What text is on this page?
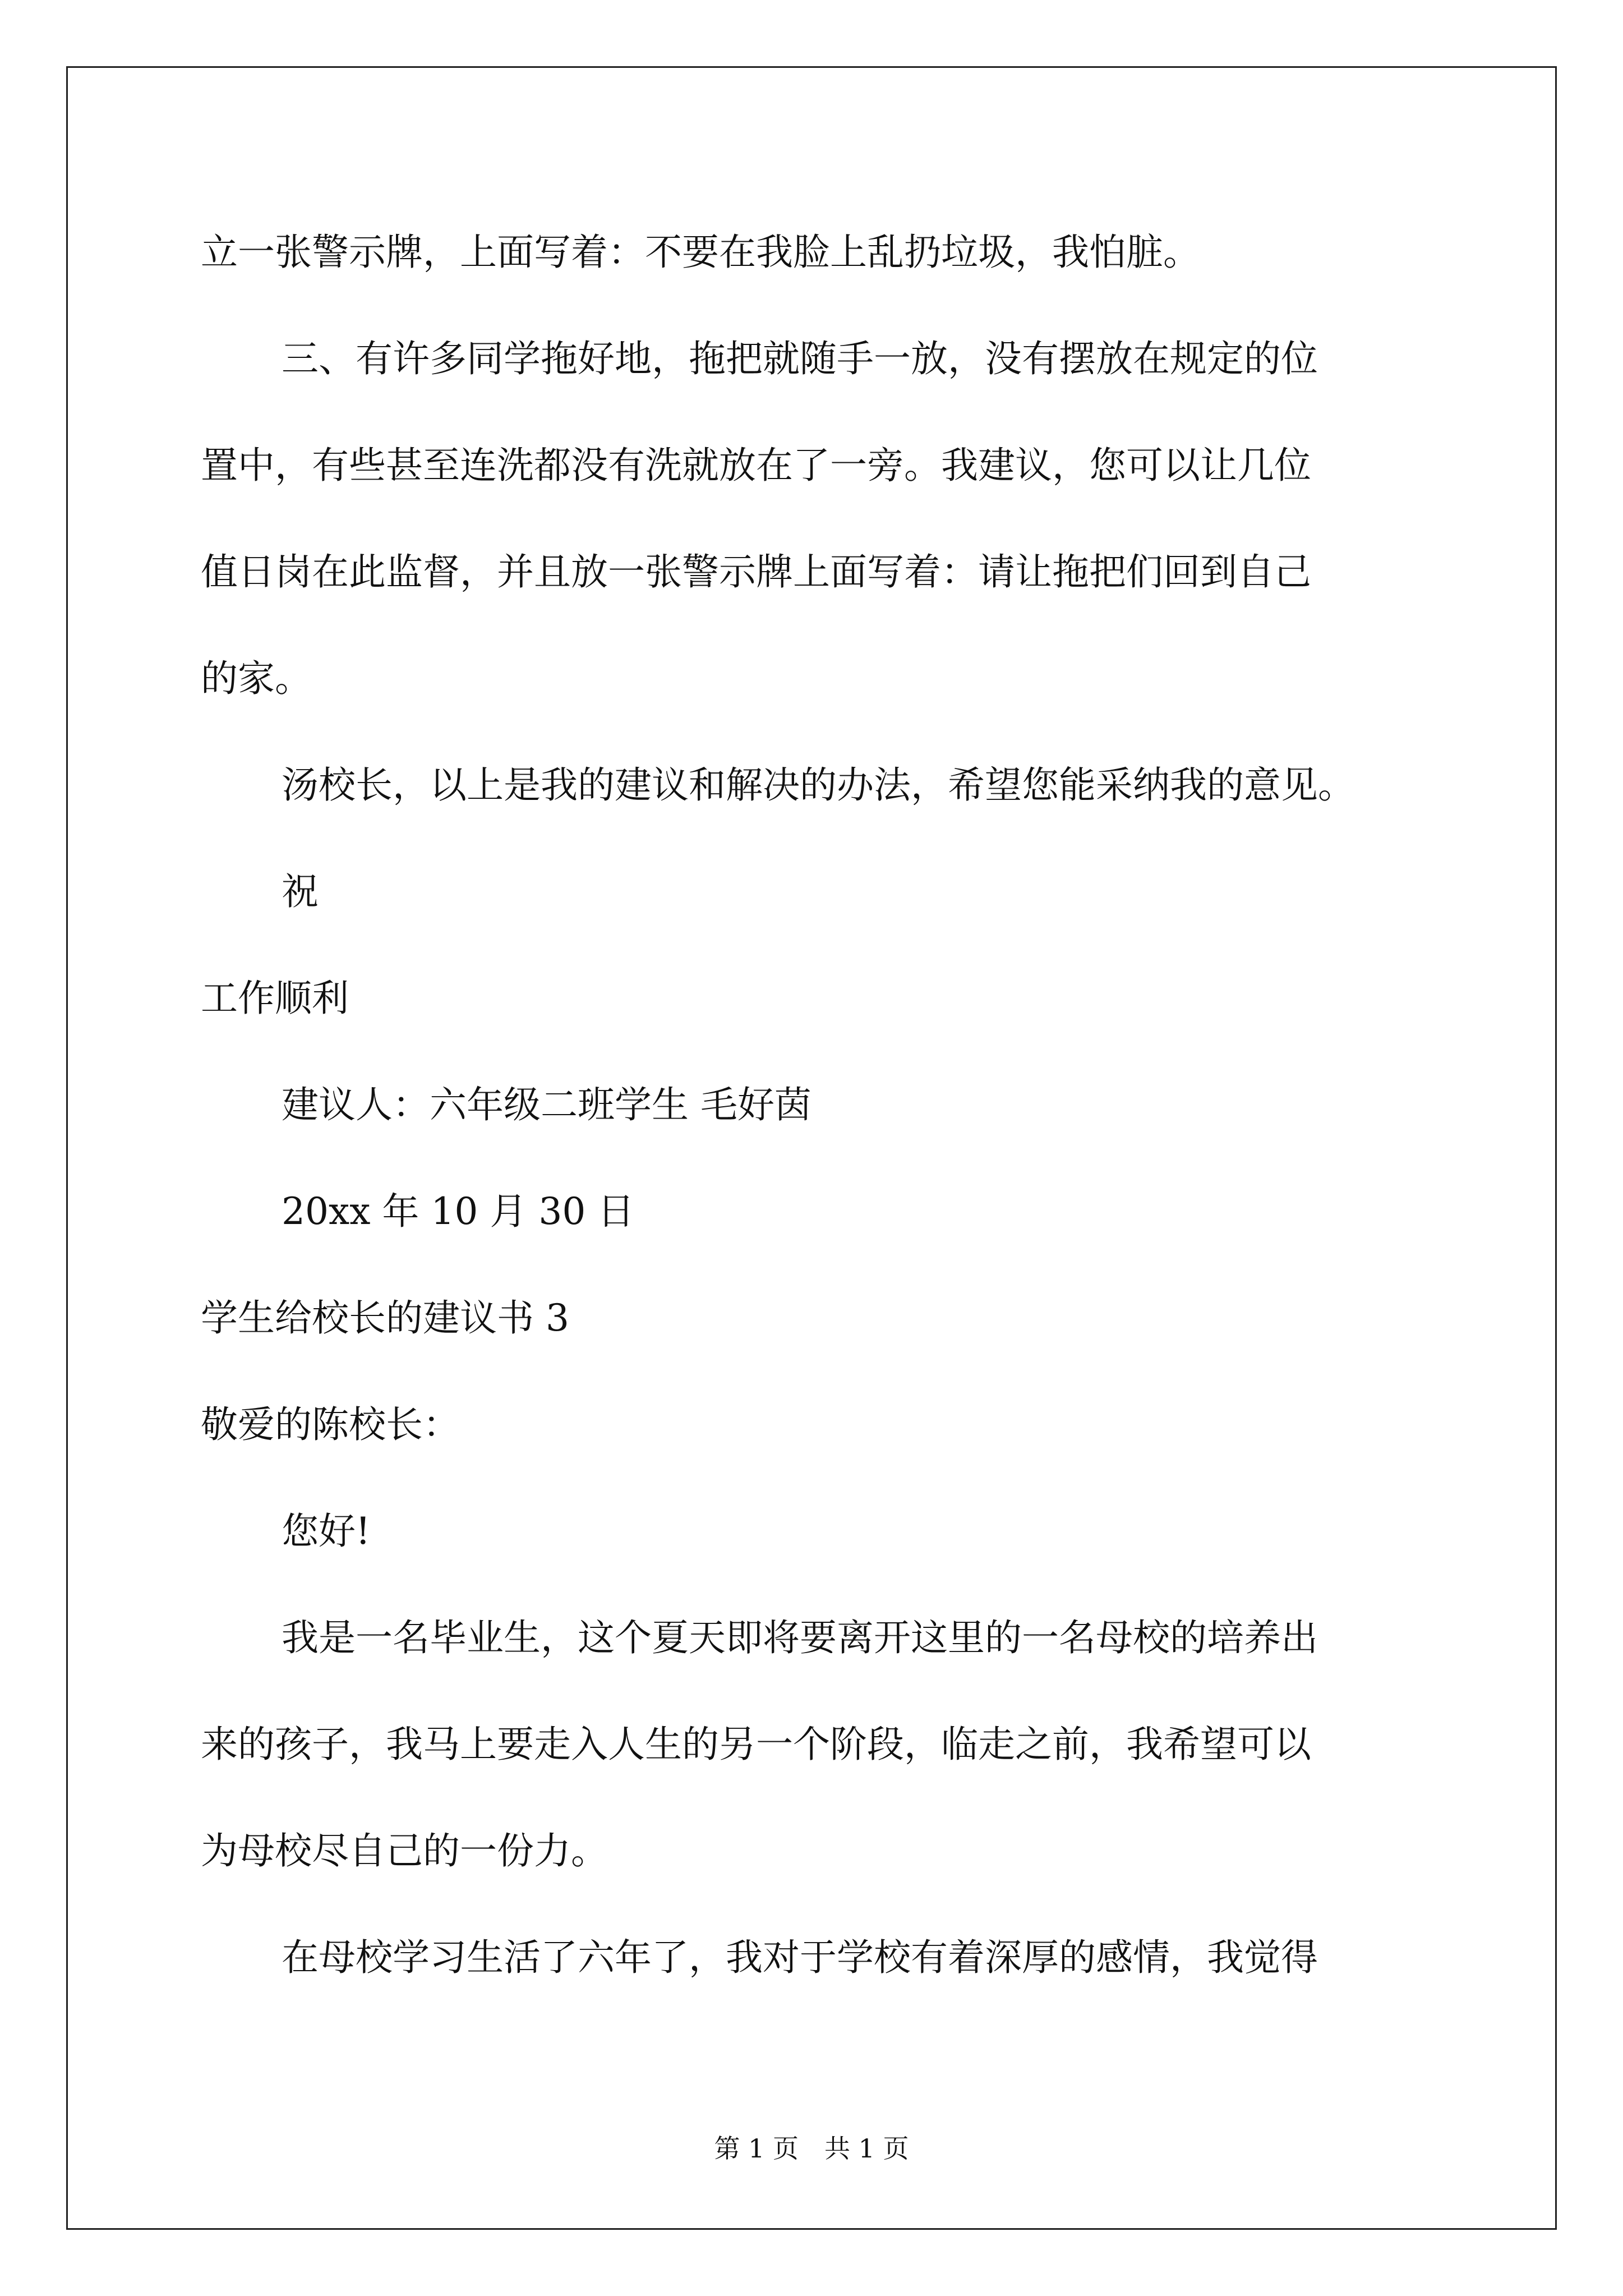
立一张警示牌，上面写着：不要在我脸上乱扔垃圾，我怕脏。
三、有许多同学拖好地，拖把就随手一放，没有摆放在规定的位
置中，有些甚至连洗都没有洗就放在了一旁。我建议，您可以让几位
值日岗在此监督，并且放一张警示牌上面写着：请让拖把们回到自己
的家。
汤校长，以上是我的建议和解决的办法，希望您能采纳我的意见。
祝
工作顺利
建议人：六年级二班学生 毛好茵
20xx 年 10 月 30 日
学生给校长的建议书 3
敬爱的陈校长：
您好!
我是一名毕业生，这个夏天即将要离开这里的一名母校的培养出
来的孩子，我马上要走入人生的另一个阶段，临走之前，我希望可以
为母校尽自己的一份力。
在母校学习生活了六年了，我对于学校有着深厚的感情，我觉得
第 1 页 共 1 页
